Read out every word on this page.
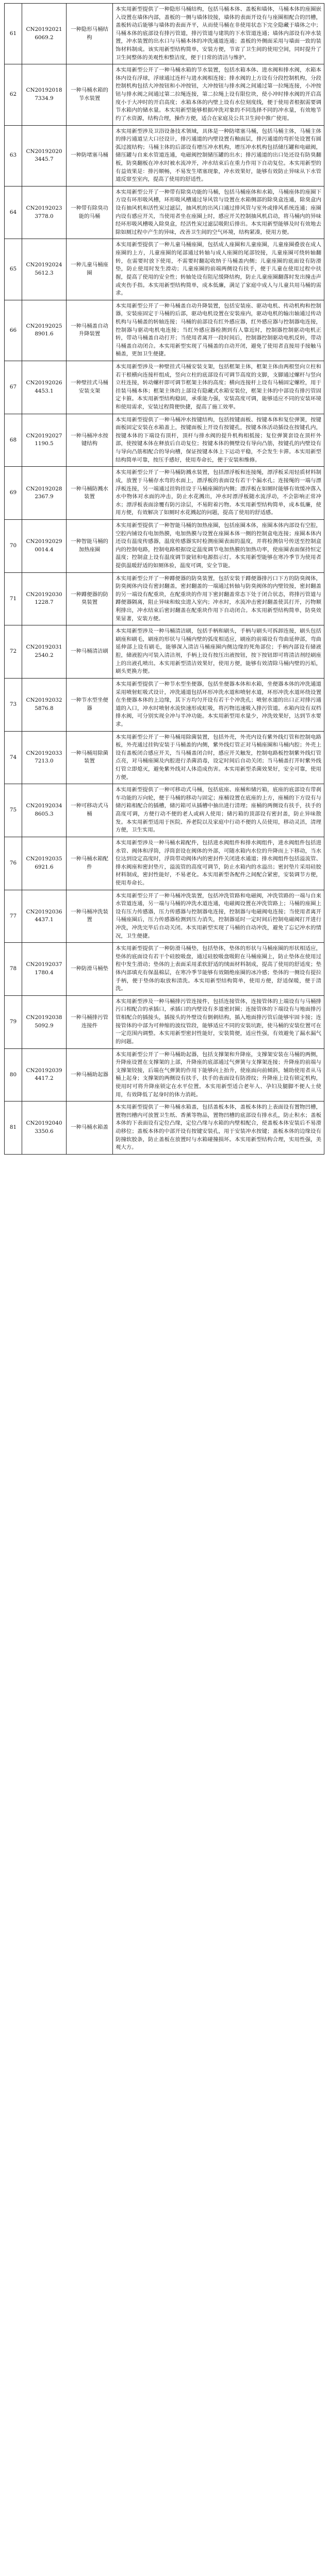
61	CN201920216069.2	一种隐形马桶结构	本实用新型提供了一种隐形马桶结构，包括马桶本体、盖板和墙体，马桶本体的座圈嵌入设置在墙体内部，盖板的一侧与墙体铰接，墙体的表面开设有与座圈相配合的凹槽，盖板转动后能够与墙体的表面齐平，从而使马桶在非使用状态下完全隐藏于墙体之中；马桶本体的底部设有排污管道，排污管道与建筑的下水管道连通；墙体内部设有冲水装置，冲水装置的出水口与马桶本体的冲洗通道连通；盖板的外侧面采用与墙面一致的装饰材料制成。该实用新型结构简单，安装方便，节省了卫生间的使用空间，同时提升了卫生间整体的美观性和整洁度，便于日常的清洁与维护。

62	CN201920187334.9	一种马桶水箱的节水装置	本实用新型公开了一种马桶水箱的节水装置，包括水箱本体、进水阀和排水阀，水箱本体内设有浮球，浮球通过连杆与进水阀相连接；排水阀的上方设有分段控制机构，分段控制机构包括大冲按钮和小冲按钮，大冲按钮与排水阀之间通过第一拉绳连接，小冲按钮与排水阀之间通过第二拉绳连接，第二拉绳上设有限位块，使小冲时排水阀的开启高度小于大冲时的开启高度；水箱本体的内壁上设有水位刻度线，便于使用者根据需要调节水箱内的储水量。本实用新型能够根据冲洗对象的不同选择不同的冲水量，有效地节约了水资源，结构合理，操作方便，适合在家庭及公共卫生间中推广使用。

63	CN201920203445.7	一种防堵塞马桶	本实用新型涉及卫浴设备技术领域，具体是一种防堵塞马桶，包括马桶主体，马桶主体的排污通道呈大口径设计，排污通道的内壁设置有釉面层，排污通道的弯折处设置有圆弧过渡结构；马桶主体的后部设有增压冲水机构，增压冲水机构包括储压罐和电磁阀，储压罐与自来水管道连通，电磁阀控制储压罐的出水；排污通道的出口处还设有防臭翻板，防臭翻板在冲水时被水流冲开，冲水结束后在重力作用下自动复位。本实用新型的有益效果是：排污顺畅，不易发生堵塞现象，冲水效果好，能够有效防止异味从下水管道反窜至室内，提高了使用的舒适性。

64	CN201920233778.0	一种带有除臭功能的马桶	本实用新型公开了一种带有除臭功能的马桶，包括马桶座体和水箱，马桶座体的座圈下方设有环形吸风槽，环形吸风槽通过导风管与设置在水箱侧部的除臭盒连通，除臭盒内设有抽风机和活性炭过滤层，抽风机的出风口通过排风管与室外或排风系统连通；座圈内设有感应开关，当使用者坐在座圈上时，感应开关控制抽风机启动，将马桶内的异味经环形吸风槽吸入除臭盒，经活性炭过滤层吸附后排出。本实用新型能够及时有效地去除如厕过程中产生的异味，改善卫生间的空气环境，结构紧凑，使用方便。

65	CN201920245612.3	一种儿童马桶座圈	本实用新型提供了一种儿童马桶座圈，包括成人座圈和儿童座圈，儿童座圈叠放在成人座圈的上方，儿童座圈的尾部通过转轴与成人座圈的尾部铰接，儿童座圈可绕转轴翻转，在需要时放下使用，不需要时翻起收纳于马桶盖内侧；儿童座圈的底面设有防滑垫，防止使用时发生滑动；儿童座圈的前端两侧设有扶手，便于儿童在使用过程中扶握，提高了使用的安全性；转轴处设有阻尼缓降结构，防止儿童座圈翻落时发出撞击声或夹伤手指。本实用新型结构简单，成本低廉，满足了家庭中成人与儿童共用马桶的需求。

66	CN201920258901.6	一种马桶盖自动升降装置	本实用新型公开了一种马桶盖自动升降装置，包括安装座、驱动电机、传动机构和控制器，安装座固定于马桶的后部，驱动电机设置在安装座内，驱动电机的输出轴通过传动机构与马桶盖的转轴连接；马桶的前部设有红外感应器，红外感应器与控制器电连接，控制器与驱动电机电连接；当红外感应器检测到有人靠近时，控制器控制驱动电机正转，带动马桶盖自动打开；当使用者离开一段时间后，控制器控制驱动电机反转，带动马桶盖自动闭合。本实用新型实现了马桶盖的自动开闭，避免了使用者直接用手接触马桶盖，更加卫生便捷。

67	CN201920264453.1	一种壁挂式马桶安装支架	本实用新型涉及一种壁挂式马桶安装支架，包括框架主体，框架主体由两根竖向立柱和若干根横向连接杆组成，竖向立柱的底部设有可调节高度的支脚，支脚通过螺杆与竖向立柱连接，转动螺杆即可调节框架主体的高度；横向连接杆上设有马桶固定螺栓，用于挂装马桶本体；框架主体的上部设有隐藏式水箱安装位，框架主体的中部设有排污管固定卡箍。本实用新型结构稳固，承重能力强，安装高度可调，能够适应不同的安装环境和使用需求，安装过程简便快捷，提高了施工效率。

68	CN201920271190.5	一种马桶冲水按键结构	本实用新型提供了一种马桶冲水按键结构，包括按键面板、按键本体和复位弹簧，按键面板固定安装在水箱盖上，按键面板上开设有按键孔，按键本体活动插设在按键孔内，按键本体的下端设有顶杆，顶杆与排水阀的提升机构相抵接；复位弹簧套设在顶杆外部，使按键本体在释放后自动复位；按键本体的侧壁设有导向凸筋，按键孔的内壁设有与导向凸筋相配合的导向槽，保证按键本体上下运动平稳，不会发生卡滞。本实用新型结构简单可靠，按压手感好，使用寿命长，便于安装和维修。

69	CN201920282367.9	一种马桶防溅水装置	本实用新型公开了一种马桶防溅水装置，包括漂浮板和连接绳，漂浮板采用轻质材料制成，放置于马桶存水弯的水面上，漂浮板的表面设有若干个漏水孔；连接绳的一端与漂浮板连接，另一端通过挂钩挂设于马桶座圈的内侧；漂浮板在如厕时能够有效缓冲落入水中物体对水面的冲击，防止水花溅出，冲水时漂浮板随水流浮动，不会影响正常冲水；漂浮板表面涂覆有防污涂层，不易附着污物。本实用新型结构简单，成本低廉，使用方便，有效解决了如厕时水花溅起的问题，提高了使用的舒适感。

70	CN201920290014.4	一种智能马桶的加热座圈	本实用新型提供了一种智能马桶的加热座圈，包括座圈本体，座圈本体内部设有空腔，空腔内铺设有电加热膜，电加热膜与设置在座圈本体一侧的控制盒电连接；座圈本体内还设有温度传感器，温度传感器实时检测座圈表面的温度，并将检测信号传送至控制盒内的控制电路，控制电路根据设定温度调节电加热膜的加热功率，使座圈表面保持恒定温度；控制盒上设有温度调节旋钮和电源指示灯。本实用新型能够在寒冷季节为使用者提供温暖舒适的如厕体验，温度可调，安全节能。

71	CN201920301228.7	一种蹲便器的防臭装置	本实用新型公开了一种蹲便器的防臭装置，包括安装于蹲便器排污口下方的防臭阀体，防臭阀体内设有密封翻盖，密封翻盖的一端通过转轴与防臭阀体的内壁铰接，密封翻盖的另一端设有配重块，在配重块的作用下密封翻盖常态下处于闭合状态，将排污管道与蹲便器隔离，阻止异味和蚊虫进入室内；冲水时，水流冲击密封翻盖使其打开，污物顺利排出，冲水结束后密封翻盖在配重块作用下自动闭合。本实用新型结构简单，防臭效果显著，安装方便。

72	CN201920312540.2	一种马桶清洁刷	本实用新型涉及一种马桶清洁刷，包括手柄和刷头，手柄与刷头可拆卸连接，刷头包括刷座和刷毛，刷座的形状与马桶内壁的弧度相适应，刷座的前端设有弯曲延伸部，弯曲延伸部上设有刷毛，能够深入清洁马桶座圈内侧边缘的死角部位；手柄内部设有储液腔，储液腔内可装入清洁剂，手柄上设有按压出液按钮，按下按钮即可将清洁剂经刷座上的出液孔喷出。本实用新型清洁效果好，使用方便，能够有效清除马桶内壁的污垢，刷头更换方便。

73	CN201920325876.8	一种节水型坐便器	本实用新型提供了一种节水型坐便器，包括坐便器本体和水箱，坐便器本体的冲洗通道采用喷射虹吸式设计，冲洗通道包括环形冲洗水道和喷射水道，环形冲洗水道环绕设置在坐便器本体的上边缘，其下方均匀开设有若干个冲洗孔；喷射水道的出口正对排污通道的入口，冲水时喷射水流快速形成虹吸，将污物迅速吸入排污管道。水箱内设有双档排水阀，可分别实现全冲与半冲功能。本实用新型用水量少，冲洗效果好，达到节水要求。

74	CN201920337213.0	一种马桶用除菌装置	本实用新型公开了一种马桶用除菌装置，包括外壳，外壳内设有紫外线灯管和控制电路板，外壳通过挂钩安装于马桶盖的内侧，紫外线灯管正对马桶座圈和马桶内腔；外壳上设有盖板闭合感应开关，当马桶盖闭合时，感应开关触发，控制电路板控制紫外线灯管点亮，对马桶座圈及内腔进行杀菌消毒，设定时间后自动关闭；当马桶盖打开时紫外线灯管立即熄灭，避免紫外线对人体造成伤害。本实用新型杀菌效果好，安全可靠，使用方便。

75	CN201920348605.3	一种可移动式马桶	本实用新型提供了一种可移动式马桶，包括底座、座桶和储污箱，底座的底部设有带刹车功能的万向轮，便于马桶的移动与固定；座桶设置在底座的上方，座桶的下方设有与储污箱相配合的插槽，储污箱可从插槽中抽出进行清理；座桶的两侧设有扶手，扶手的高度可调，方便行动不便的老人或病人使用；储污箱的顶部设有密封盖，防止异味散发。本实用新型适用于医院、养老院以及家庭中行动不便的人员使用，移动灵活，清理方便，卫生实用。

76	CN201920356921.6	一种马桶水箱配件	本实用新型涉及一种马桶水箱配件，包括进水阀组件和排水阀组件，进水阀组件包括进水管、阀体和浮筒，浮筒套设在阀体的外部，可随水箱内水位的升降而上下移动，当水位达到设定高度时，浮筒带动阀体内的密封件关闭进水通道；排水阀组件包括溢流管、排水阀座和密封垫片，溢流管的高度可调节，防止水箱内的水溢出；密封垫片采用硅胶材料制成，密封性能好，不易老化。本实用新型各配件之间配合紧密，安装调节方便，使用寿命长。

77	CN201920364437.1	一种马桶冲洗装置	本实用新型公开了一种马桶冲洗装置，包括冲洗管路和电磁阀，冲洗管路的一端与自来水管道连通，另一端与马桶的冲洗水道连通，电磁阀设置在冲洗管路上；马桶的座圈上设有压力传感器，压力传感器与控制器电连接，控制器与电磁阀电连接；当使用者离开马桶座圈后，压力传感器检测到压力消失，控制器延时一定时间后控制电磁阀打开进行冲洗，冲洗完毕后自动关闭。本实用新型实现了马桶的自动冲洗，避免了忘记冲水的情况，卫生便捷。

78	CN201920371780.4	一种防滑马桶垫	本实用新型提供了一种防滑马桶垫，包括垫体，垫体的形状与马桶座圈的形状相适应，垫体的底面设有若干个硅胶吸盘，通过硅胶吸盘吸附在马桶座圈上，防止垫体在使用过程中发生滑动；垫体的上表面采用柔软舒适的绒面材料制成，提高了使用的舒适度；垫体内部填充有保温棉层，在寒冷季节能够有效隔绝座圈的冰冷感；垫体的一侧设有提拉手柄，便于垫体的取放和清洗。本实用新型结构简单，使用方便，舒适保暖，便于清洗。

79	CN201920385092.9	一种马桶排污管连接件	本实用新型涉及一种马桶排污管连接件，包括连接管体，连接管体的上端设有与马桶排污口相配合的承插口，承插口的内壁设有多道密封圈；连接管体的下端设有与地面排污管相配合的插接头，插接头的外壁设有倒刺结构，插入地面排污管后能够牢固卡接；连接管体的中部为可伸缩的波纹管段，能够适应不同的安装坑距，使马桶的安装位置可在一定范围内调整。本实用新型密封性能好，安装简便，适应性强，有效避免了漏水漏气的问题。

80	CN201920394417.2	一种马桶助起器	本实用新型公开了一种马桶助起器，包括支撑架和升降座，支撑架安装在马桶的两侧，升降座设置在支撑架的上部，升降座的底部通过气弹簧与支撑架连接；升降座的前端与支撑架铰接，后端在气弹簧的作用下能够向上抬升，使座面向前倾斜，辅助使用者从马桶上起身；支撑架的两侧设有扶手，扶手的表面设有防滑纹；升降座上设有锁定机构，使用时可将升降座锁定在水平位置。本实用新型适合老年人、孕妇及腿脚不便人士使用，有效降低了起身时的体力消耗。

81	CN201920403350.6	一种马桶水箱盖	本实用新型提供了一种马桶水箱盖，包括盖板本体，盖板本体的上表面设有置物凹槽，置物凹槽内可放置卫生纸、香薰等物品，置物凹槽的底部设有排水孔，防止积水；盖板本体的下表面设有定位凸缘，定位凸缘与水箱的内壁相配合，使盖板本体安装后不易滑动移位；盖板本体的中部开设有按键安装孔，用于安装冲水按键；盖板本体的边缘设有防撞软胶条，防止盖板在放置时与水箱碰撞损坏。本实用新型结构合理，实用性强，美观大方。
